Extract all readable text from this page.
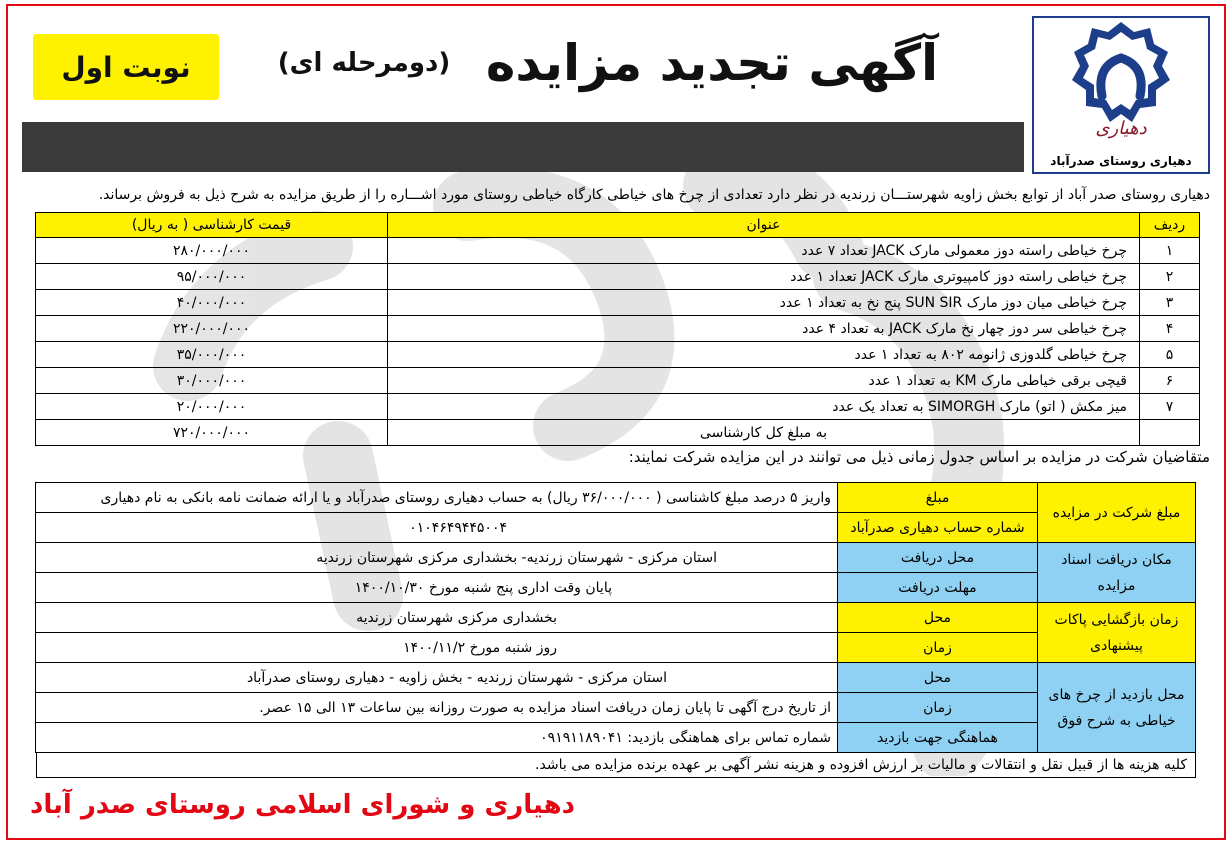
دهیاری
دهیاری روستای صدرآباد
آگهی تجدید مزایده
(دومرحله ای)
نوبت اول
دهیاری روستای صدر آباد از توابع بخش زاویه شهرستـــان زرندیه در نظر دارد تعدادی از چرخ های خیاطی کارگاه خیاطی روستای مورد اشـــاره را از طریق مزایده به شرح ذیل به فروش برساند.
ردیف	عنوان	قیمت کارشناسی ( به ریال)
۱	چرخ خیاطی راسته دوز معمولی مارک JACK تعداد ۷ عدد	۲۸۰/۰۰۰/۰۰۰
۲	چرخ خیاطی راسته دوز کامپیوتری مارک JACK تعداد ۱ عدد	۹۵/۰۰۰/۰۰۰
۳	چرخ خیاطی میان دوز مارک SUN SIR پنج نخ به تعداد ۱ عدد	۴۰/۰۰۰/۰۰۰
۴	چرخ خیاطی سر دوز چهار نخ مارک JACK به تعداد ۴ عدد	۲۲۰/۰۰۰/۰۰۰
۵	چرخ خیاطی گلدوزی ژانومه ۸۰۲ به تعداد ۱ عدد	۳۵/۰۰۰/۰۰۰
۶	قیچی برقی خیاطی مارک KM به تعداد ۱ عدد	۳۰/۰۰۰/۰۰۰
۷	میز مکش ( اتو) مارک SIMORGH به تعداد یک عدد	۲۰/۰۰۰/۰۰۰
	به مبلغ کل کارشناسی	۷۲۰/۰۰۰/۰۰۰
متقاضیان شرکت در مزایده بر اساس جدول زمانی ذیل می توانند در این مزایده شرکت نمایند:
مبلغ شرکت در مزایده	مبلغ	واریز ۵ درصد مبلغ کاشناسی ( ۳۶/۰۰۰/۰۰۰ ریال) به حساب دهیاری روستای صدرآباد و یا ارائه ضمانت نامه بانکی به نام دهیاری
	شماره حساب دهیاری صدرآباد	۰۱۰۴۶۴۹۴۴۵۰۰۴
مکان دریافت اسناد مزایده	محل دریافت	استان مرکزی - شهرستان زرندیه- بخشداری مرکزی شهرستان زرندیه
	مهلت دریافت	پایان وقت اداری پنج شنبه مورخ ۱۴۰۰/۱۰/۳۰
زمان بازگشایی پاکات پیشنهادی	محل	بخشداری مرکزی شهرستان زرندیه
	زمان	روز شنبه مورخ ۱۴۰۰/۱۱/۲
محل بازدید از چرخ های خیاطی به شرح فوق	محل	استان مرکزی - شهرستان زرندیه - بخش زاویه - دهیاری روستای صدرآباد
	زمان	از تاریخ درج آگهی تا پایان زمان دریافت اسناد مزایده به صورت روزانه بین ساعات ۱۳ الی ۱۵ عصر.
	هماهنگی جهت بازدید	شماره تماس برای هماهنگی بازدید: ۰۹۱۹۱۱۸۹۰۴۱
کلیه هزینه ها از قبیل نقل و انتقالات و مالیات بر ارزش افزوده و هزینه نشر آگهی بر عهده برنده مزایده می باشد.
دهیاری و شورای اسلامی روستای صدر آباد
